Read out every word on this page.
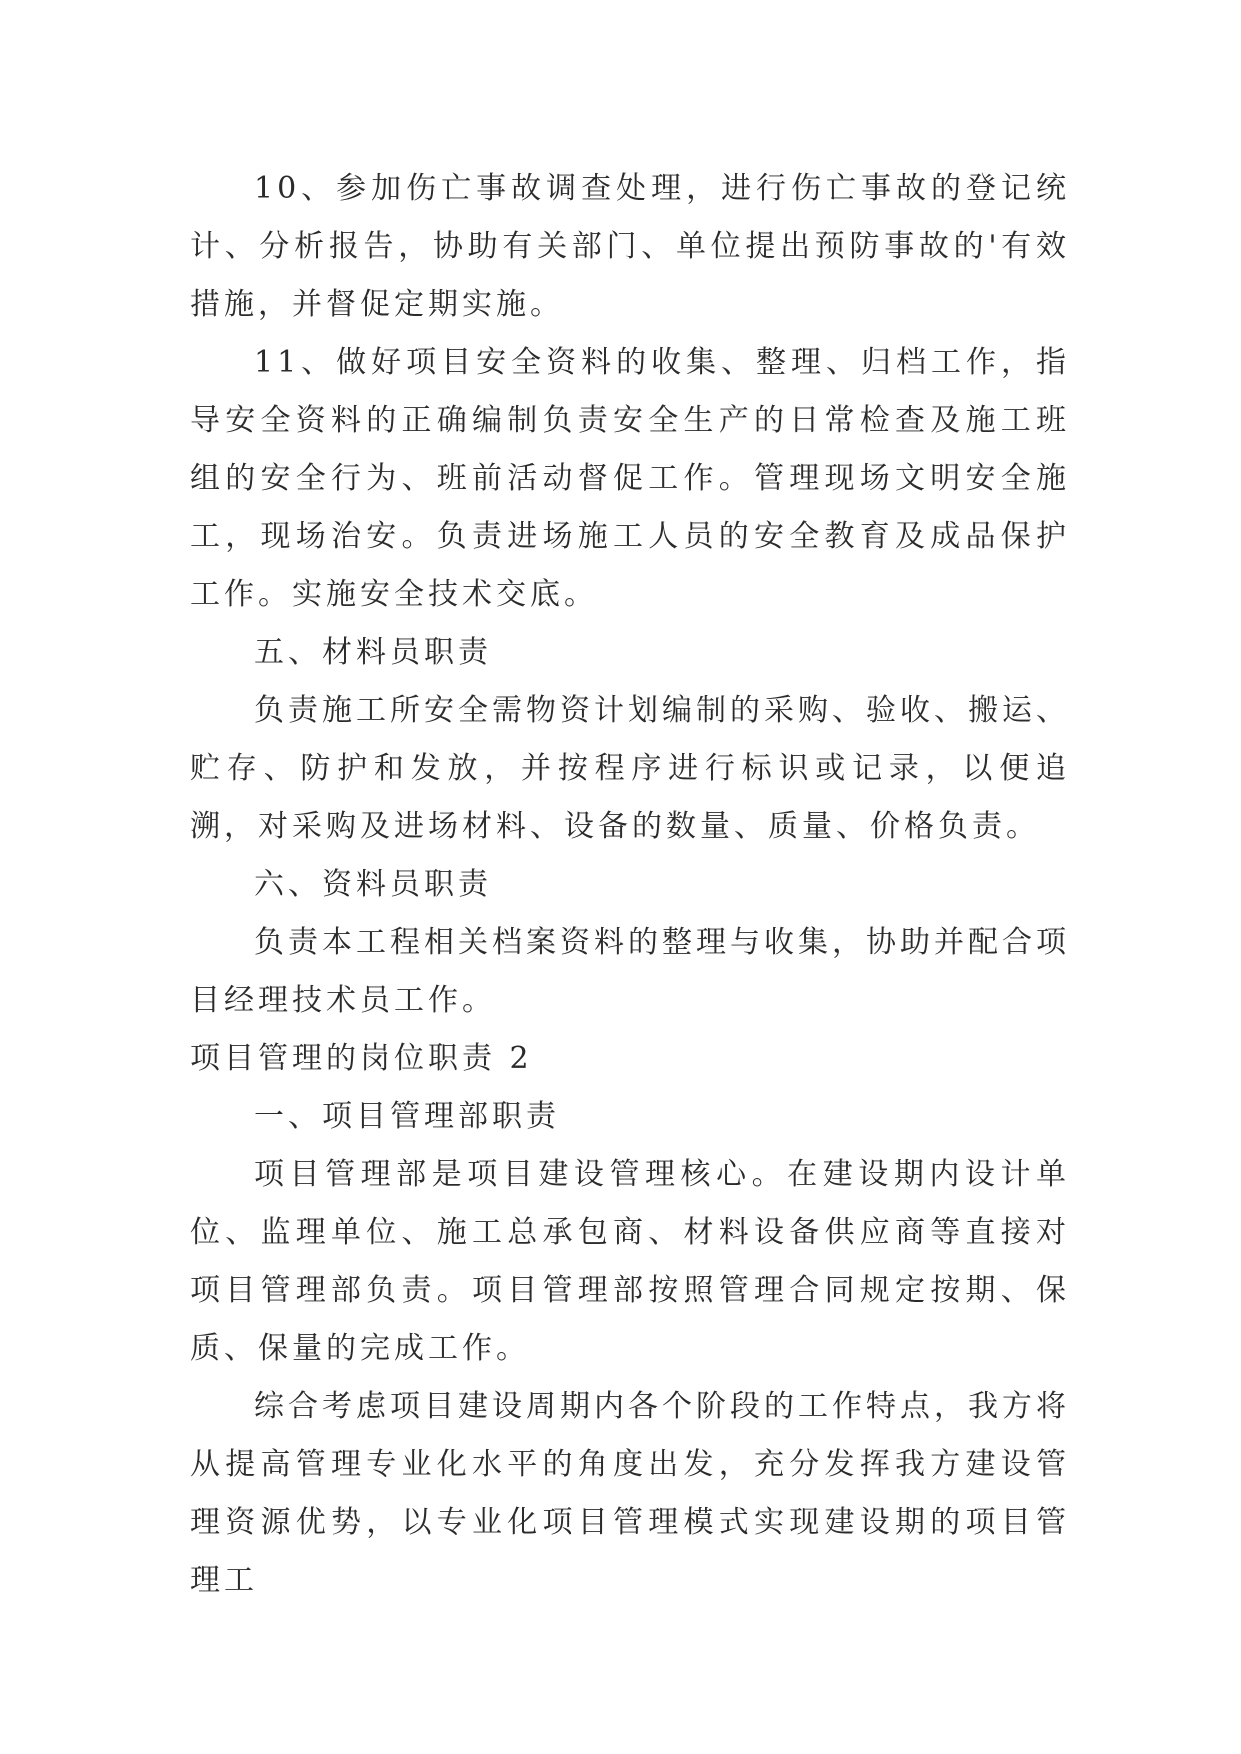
10、参加伤亡事故调查处理，进行伤亡事故的登记统计、分析报告，协助有关部门、单位提出预防事故的'有效措施，并督促定期实施。

11、做好项目安全资料的收集、整理、归档工作，指导安全资料的正确编制负责安全生产的日常检查及施工班组的安全行为、班前活动督促工作。管理现场文明安全施工，现场治安。负责进场施工人员的安全教育及成品保护工作。实施安全技术交底。

五、材料员职责

负责施工所安全需物资计划编制的采购、验收、搬运、贮存、防护和发放，并按程序进行标识或记录，以便追溯，对采购及进场材料、设备的数量、质量、价格负责。

六、资料员职责

负责本工程相关档案资料的整理与收集，协助并配合项目经理技术员工作。

项目管理的岗位职责 2

一、项目管理部职责

项目管理部是项目建设管理核心。在建设期内设计单位、监理单位、施工总承包商、材料设备供应商等直接对项目管理部负责。项目管理部按照管理合同规定按期、保质、保量的完成工作。

综合考虑项目建设周期内各个阶段的工作特点，我方将从提高管理专业化水平的角度出发，充分发挥我方建设管理资源优势，以专业化项目管理模式实现建设期的项目管理工
